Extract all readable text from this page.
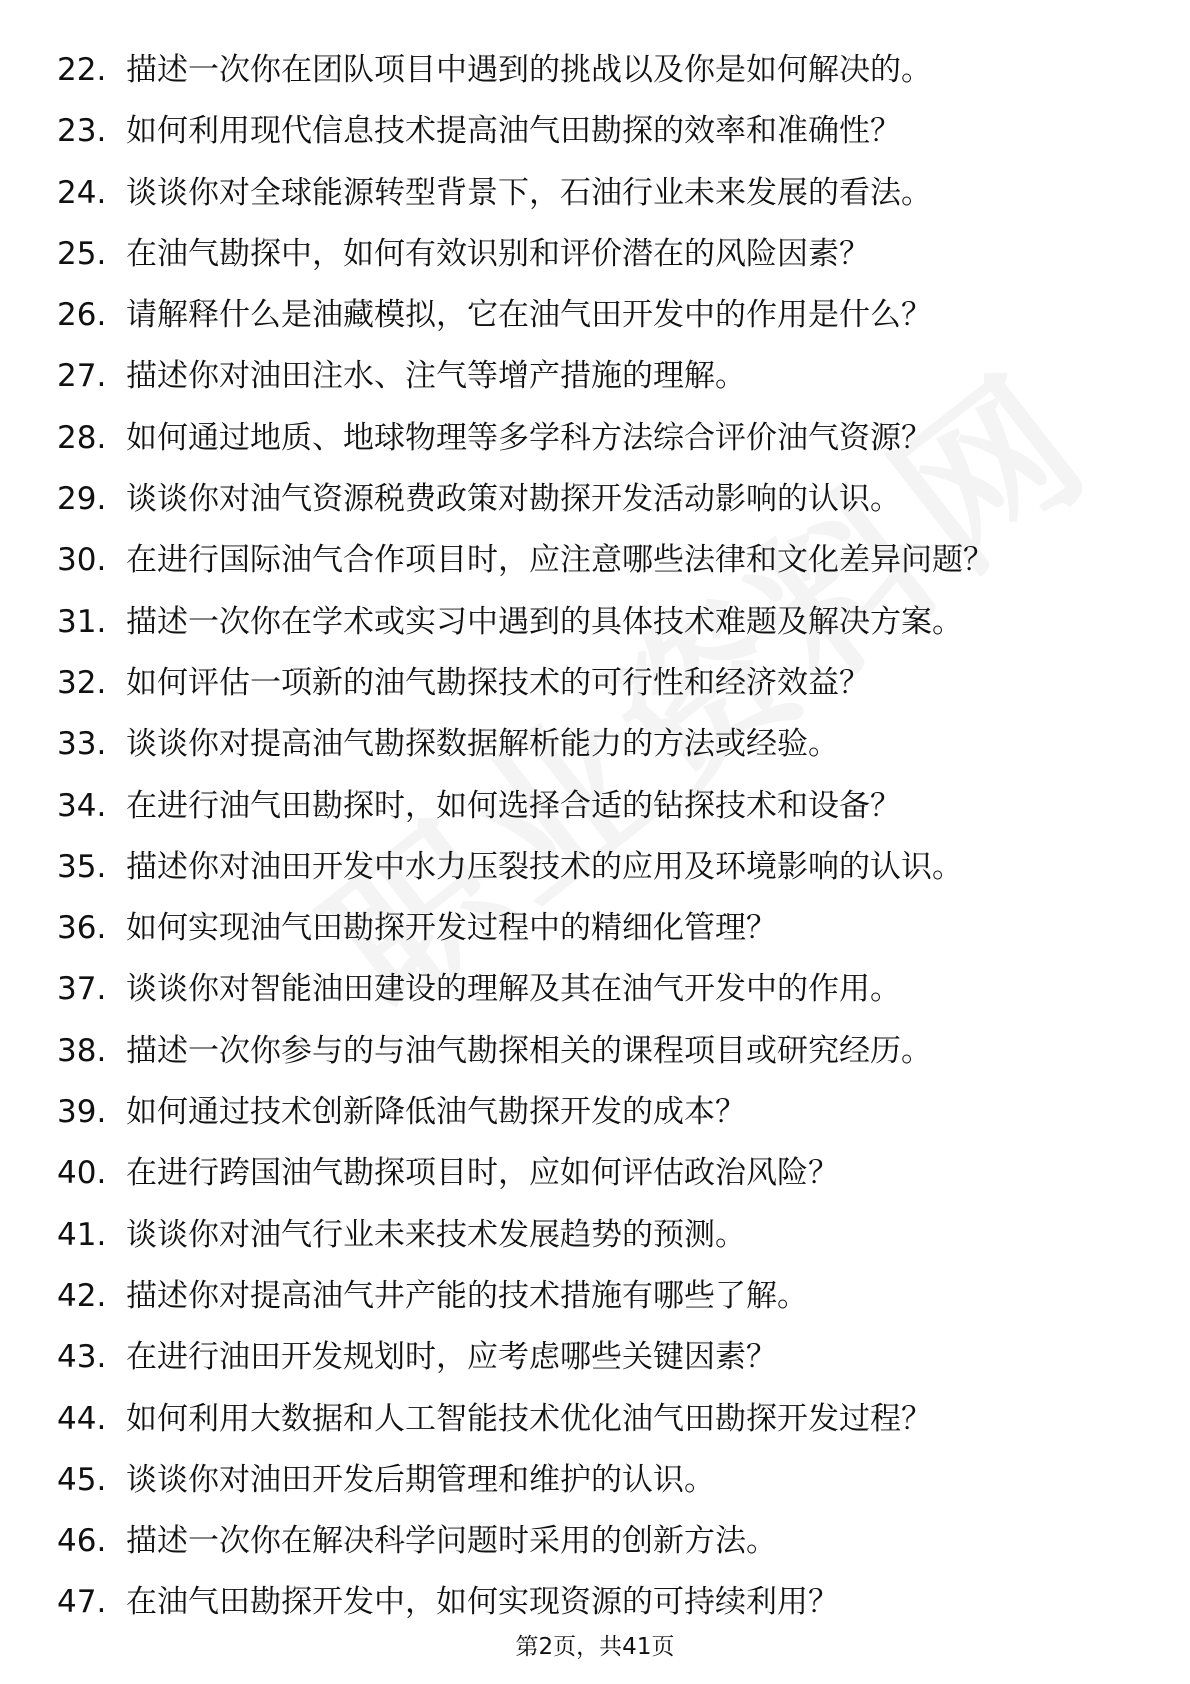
22. 描述一次你在团队项目中遇到的挑战以及你是如何解决的。
23. 如何利用现代信息技术提高油气田勘探的效率和准确性？
24. 谈谈你对全球能源转型背景下，石油行业未来发展的看法。
25. 在油气勘探中，如何有效识别和评价潜在的风险因素？
26. 请解释什么是油藏模拟，它在油气田开发中的作用是什么？
27. 描述你对油田注水、注气等增产措施的理解。
28. 如何通过地质、地球物理等多学科方法综合评价油气资源？
29. 谈谈你对油气资源税费政策对勘探开发活动影响的认识。
30. 在进行国际油气合作项目时，应注意哪些法律和文化差异问题？
31. 描述一次你在学术或实习中遇到的具体技术难题及解决方案。
32. 如何评估一项新的油气勘探技术的可行性和经济效益？
33. 谈谈你对提高油气勘探数据解析能力的方法或经验。
34. 在进行油气田勘探时，如何选择合适的钻探技术和设备？
35. 描述你对油田开发中水力压裂技术的应用及环境影响的认识。
36. 如何实现油气田勘探开发过程中的精细化管理？
37. 谈谈你对智能油田建设的理解及其在油气开发中的作用。
38. 描述一次你参与的与油气勘探相关的课程项目或研究经历。
39. 如何通过技术创新降低油气勘探开发的成本？
40. 在进行跨国油气勘探项目时，应如何评估政治风险？
41. 谈谈你对油气行业未来技术发展趋势的预测。
42. 描述你对提高油气井产能的技术措施有哪些了解。
43. 在进行油田开发规划时，应考虑哪些关键因素？
44. 如何利用大数据和人工智能技术优化油气田勘探开发过程？
45. 谈谈你对油田开发后期管理和维护的认识。
46. 描述一次你在解决科学问题时采用的创新方法。
47. 在油气田勘探开发中，如何实现资源的可持续利用？
第2页，共41页
